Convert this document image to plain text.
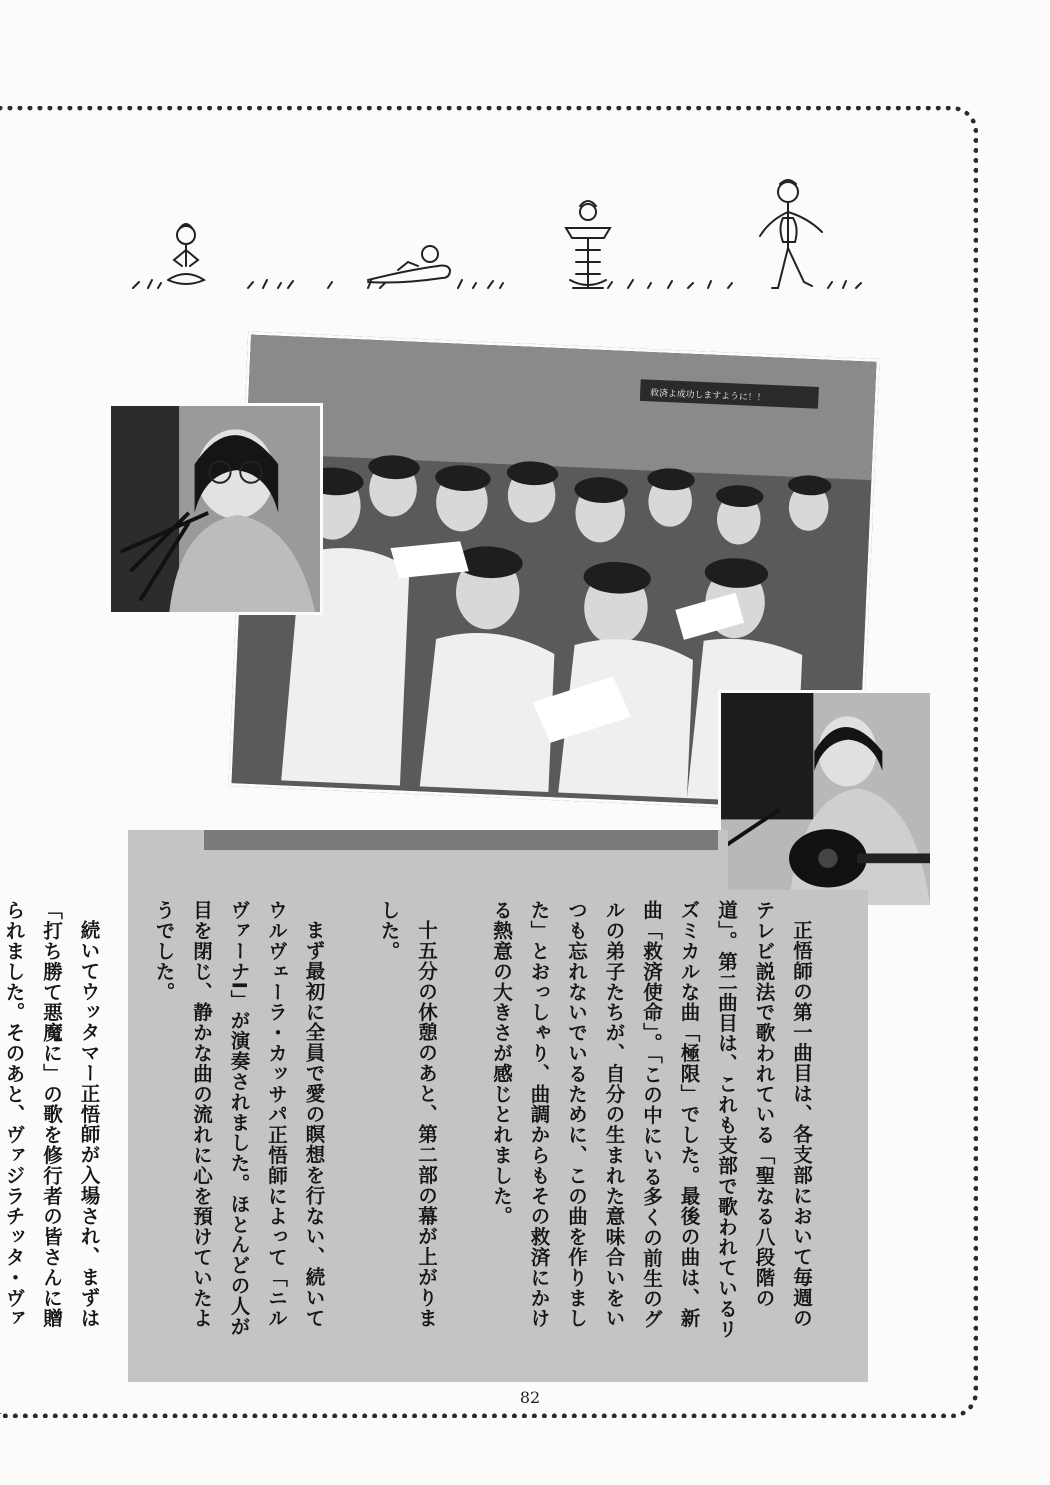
救済よ成功しますように！！

正悟師の第一曲目は、各支部において毎週のテレビ説法で歌われている「聖なる八段階の道」。第二曲目は、これも支部で歌われているリズミカルな曲「極限」でした。最後の曲は、新曲「救済使命」。「この中にいる多くの前生のグルの弟子たちが、自分の生まれた意味合いをいつも忘れないでいるために、この曲を作りました」とおっしゃり、曲調からもその救済にかける熱意の大きさが感じとれました。

十五分の休憩のあと、第二部の幕が上がりました。

まず最初に全員で愛の瞑想を行ない、続いてウルヴェーラ・カッサパ正悟師によって「ニルヴァーナI」が演奏されました。ほとんどの人が目を閉じ、静かな曲の流れに心を預けていたようでした。

続いてウッタマー正悟師が入場され、まずは「打ち勝て悪魔に」の歌を修行者の皆さんに贈られました。そのあと、ヴァジラチッタ・ヴァ

82
